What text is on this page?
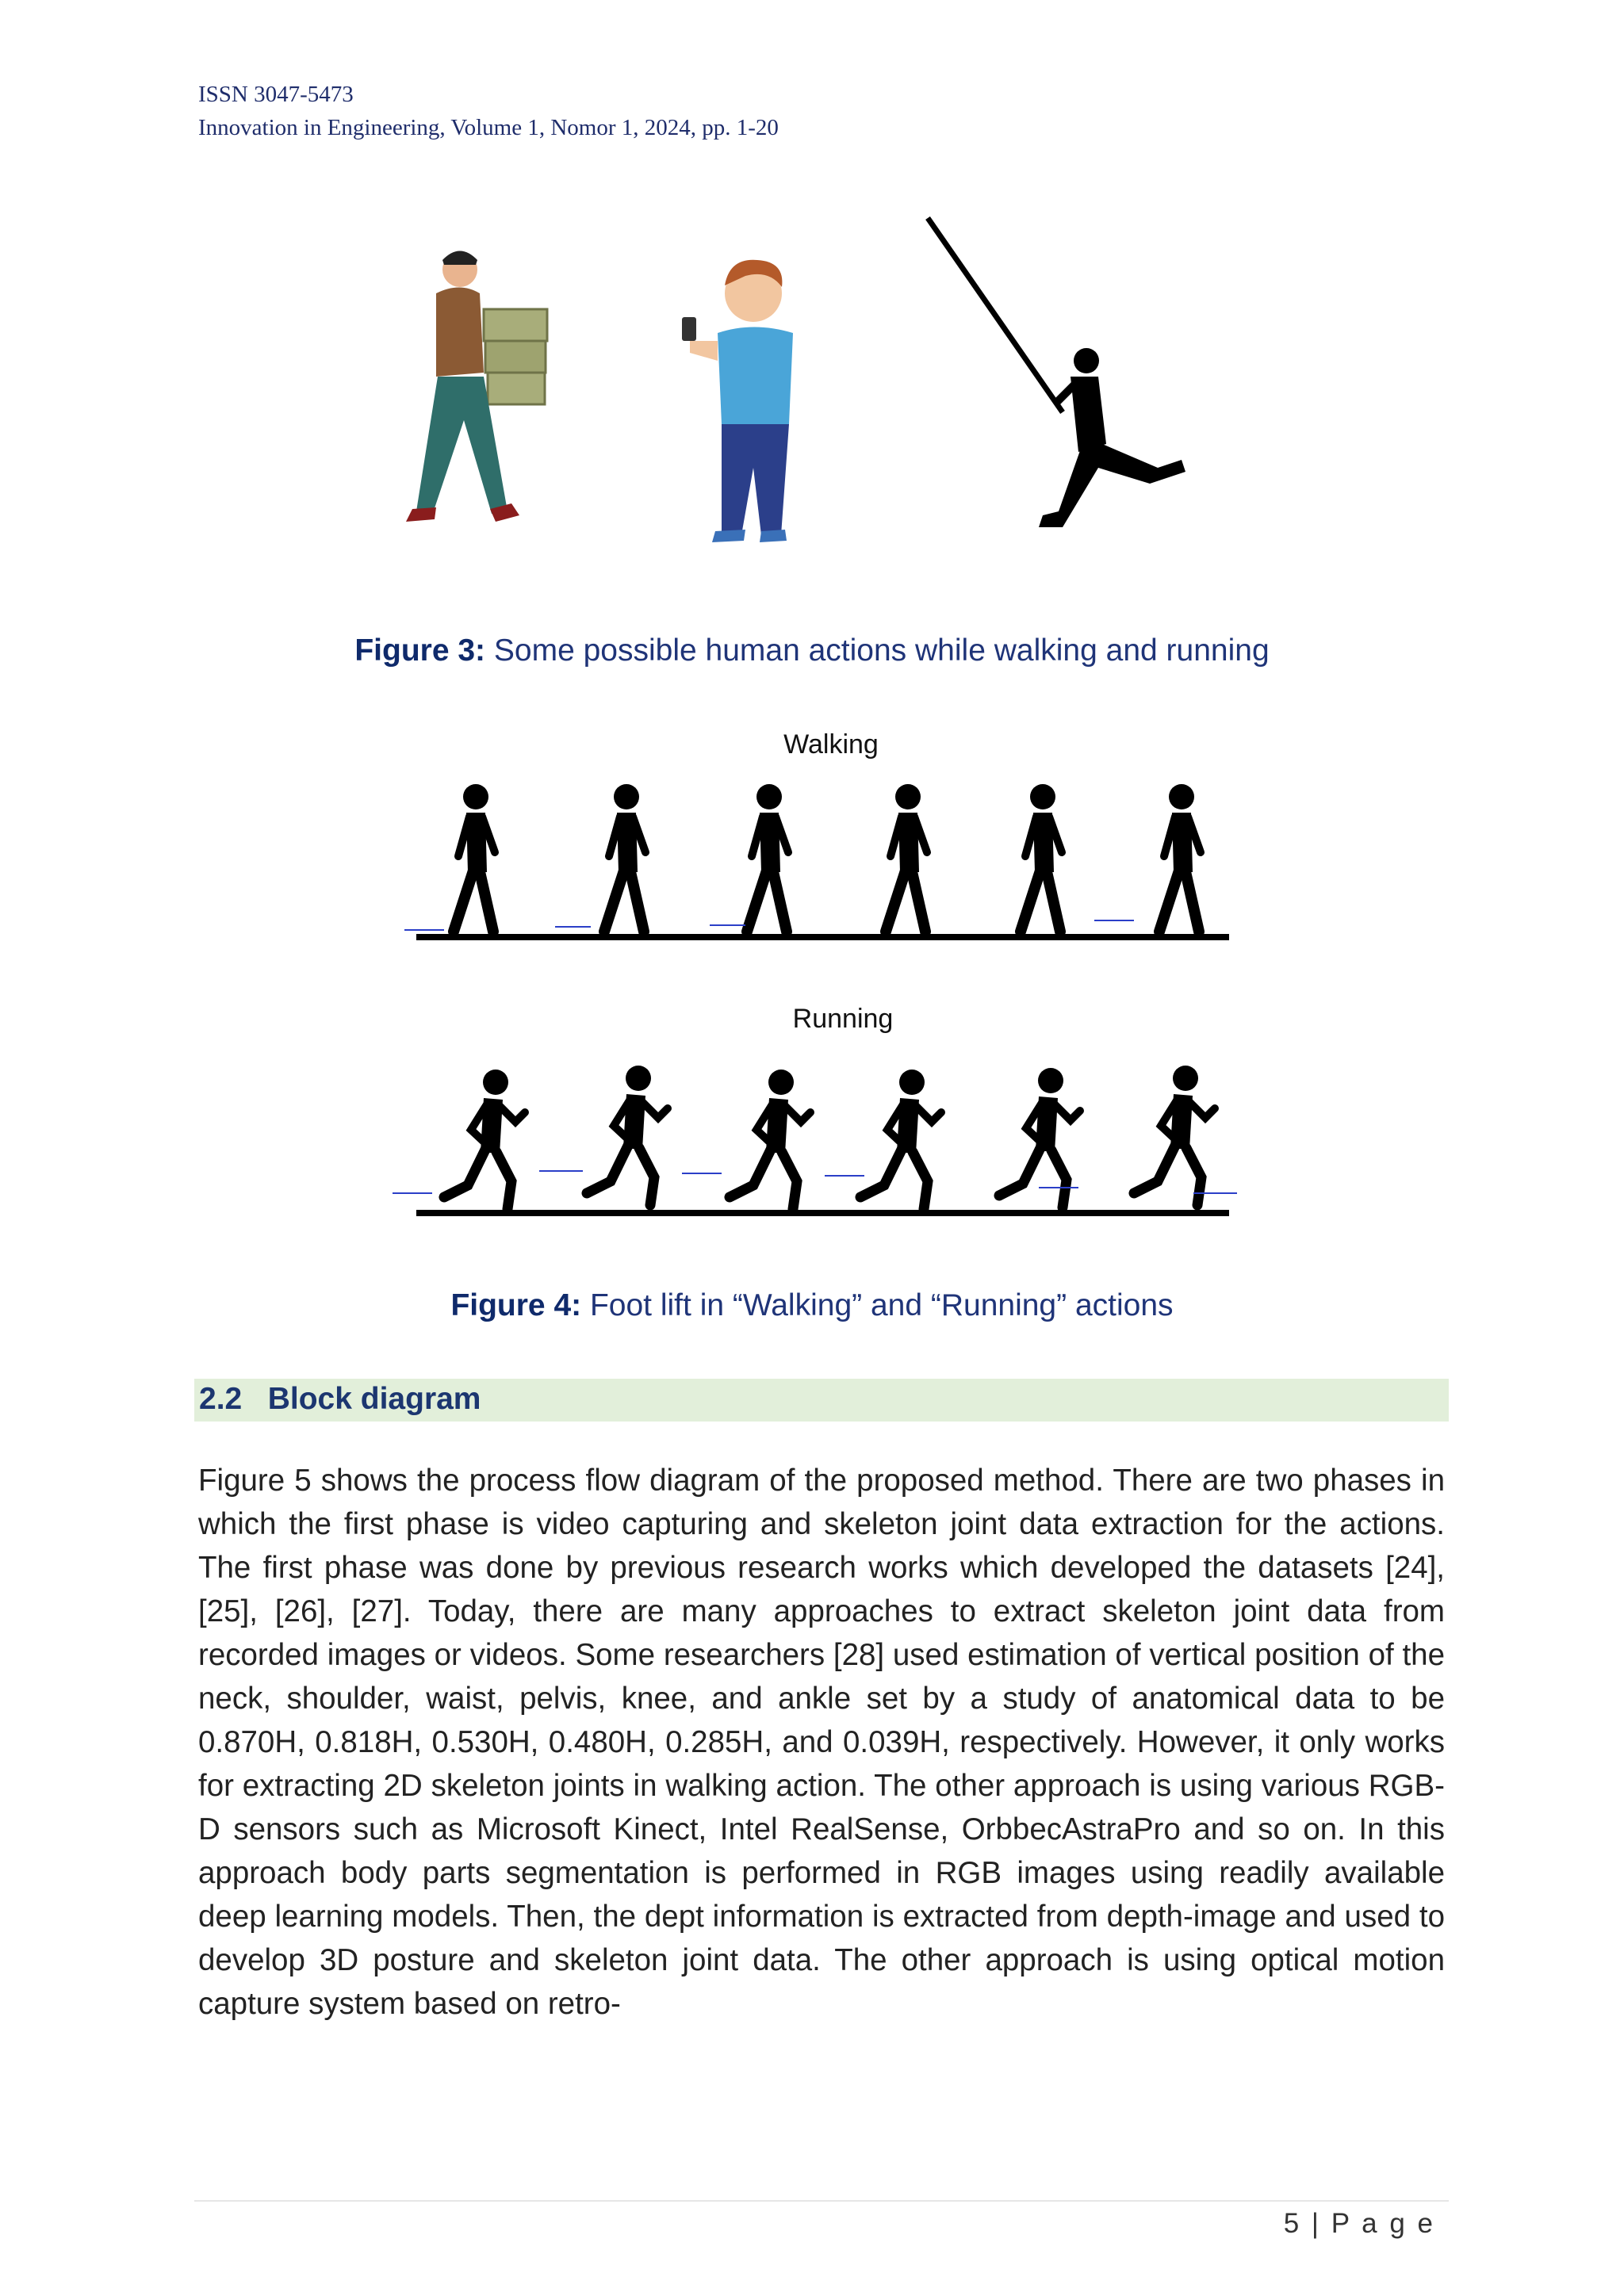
ISSN 3047-5473
Innovation in Engineering, Volume 1, Nomor 1, 2024, pp. 1-20
Figure 3: Some possible human actions while walking and running
Walking
Running
Figure 4: Foot lift in “Walking” and “Running” actions
2.2 Block diagram
Figure 5 shows the process flow diagram of the proposed method. There are two phases in which the first phase is video capturing and skeleton joint data extraction for the actions. The first phase was done by previous research works which developed the datasets [24], [25], [26], [27]. Today, there are many approaches to extract skeleton joint data from recorded images or videos. Some researchers [28] used estimation of vertical position of the neck, shoulder, waist, pelvis, knee, and ankle set by a study of anatomical data to be 0.870H, 0.818H, 0.530H, 0.480H, 0.285H, and 0.039H, respectively. However, it only works for extracting 2D skeleton joints in walking action. The other approach is using various RGB-D sensors such as Microsoft Kinect, Intel RealSense, OrbbecAstraPro and so on. In this approach body parts segmentation is performed in RGB images using readily available deep learning models. Then, the dept information is extracted from depth-image and used to develop 3D posture and skeleton joint data. The other approach is using optical motion capture system based on retro-
5 | P a g e
